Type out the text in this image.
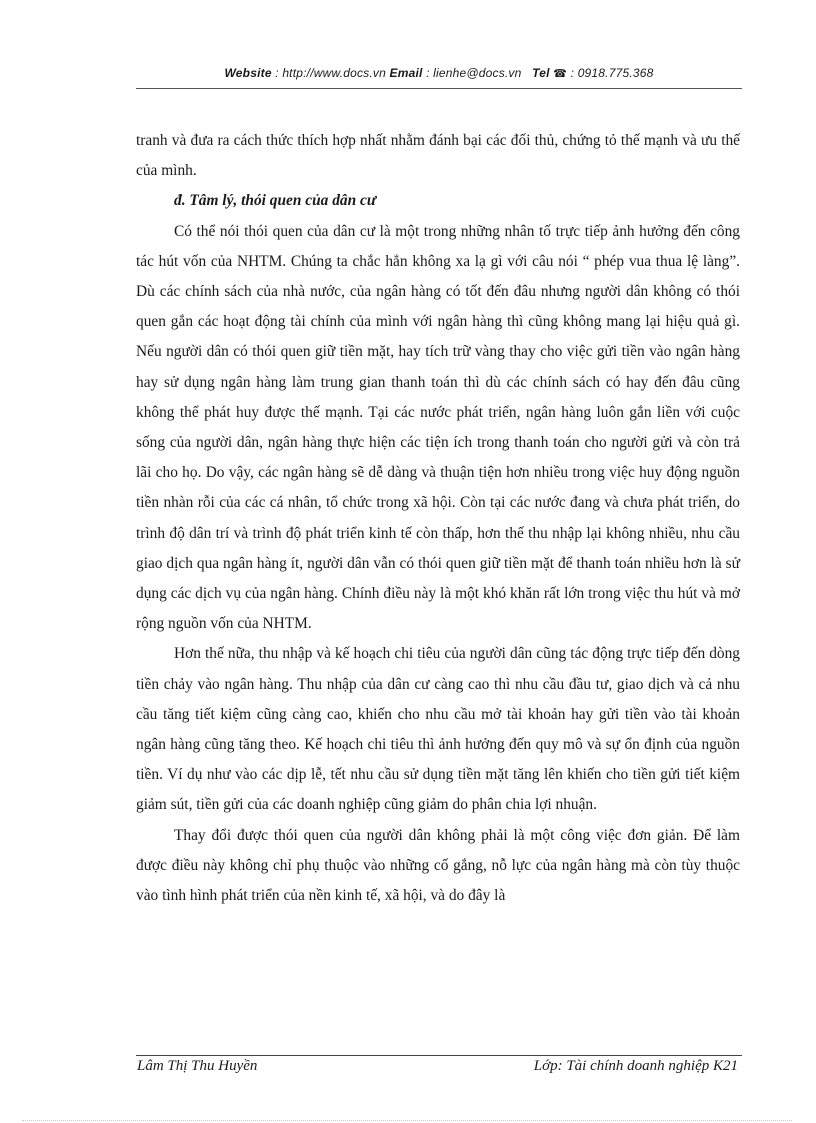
Website : http://www.docs.vn Email : lienhe@docs.vn Tel ☎ : 0918.775.368

tranh và đưa ra cách thức thích hợp nhất nhằm đánh bại các đối thủ, chứng tỏ thế mạnh và ưu thế của mình.

đ. Tâm lý, thói quen của dân cư

Có thể nói thói quen của dân cư là một trong những nhân tố trực tiếp ảnh hưởng đến công tác hút vốn của NHTM. Chúng ta chắc hẳn không xa lạ gì với câu nói “ phép vua thua lệ làng”. Dù các chính sách của nhà nước, của ngân hàng có tốt đến đâu nhưng người dân không có thói quen gắn các hoạt động tài chính của mình với ngân hàng thì cũng không mang lại hiệu quả gì. Nếu người dân có thói quen giữ tiền mặt, hay tích trữ vàng thay cho việc gửi tiền vào ngân hàng hay sử dụng ngân hàng làm trung gian thanh toán thì dù các chính sách có hay đến đâu cũng không thể phát huy được thế mạnh. Tại các nước phát triển, ngân hàng luôn gắn liền với cuộc sống của người dân, ngân hàng thực hiện các tiện ích trong thanh toán cho người gửi và còn trả lãi cho họ. Do vậy, các ngân hàng sẽ dễ dàng và thuận tiện hơn nhiều trong việc huy động nguồn tiền nhàn rỗi của các cá nhân, tổ chức trong xã hội. Còn tại các nước đang và chưa phát triển, do trình độ dân trí và trình độ phát triển kinh tế còn thấp, hơn thế thu nhập lại không nhiều, nhu cầu giao dịch qua ngân hàng ít, người dân vẫn có thói quen giữ tiền mặt để thanh toán nhiều hơn là sử dụng các dịch vụ của ngân hàng. Chính điều này là một khó khăn rất lớn trong việc thu hút và mở rộng nguồn vốn của NHTM.

Hơn thế nữa, thu nhập và kế hoạch chi tiêu của người dân cũng tác động trực tiếp đến dòng tiền chảy vào ngân hàng. Thu nhập của dân cư càng cao thì nhu cầu đầu tư, giao dịch và cả nhu cầu tăng tiết kiệm cũng càng cao, khiến cho nhu cầu mở tài khoản hay gửi tiền vào tài khoản ngân hàng cũng tăng theo. Kế hoạch chi tiêu thì ảnh hưởng đến quy mô và sự ổn định của nguồn tiền. Ví dụ như vào các dịp lễ, tết nhu cầu sử dụng tiền mặt tăng lên khiến cho tiền gửi tiết kiệm giảm sút, tiền gửi của các doanh nghiệp cũng giảm do phân chia lợi nhuận.

Thay đổi được thói quen của người dân không phải là một công việc đơn giản. Để làm được điều này không chỉ phụ thuộc vào những cố gắng, nỗ lực của ngân hàng mà còn tùy thuộc vào tình hình phát triển của nền kinh tế, xã hội, và do đây là

Lâm Thị Thu Huyền	Lớp: Tài chính doanh nghiệp K21
